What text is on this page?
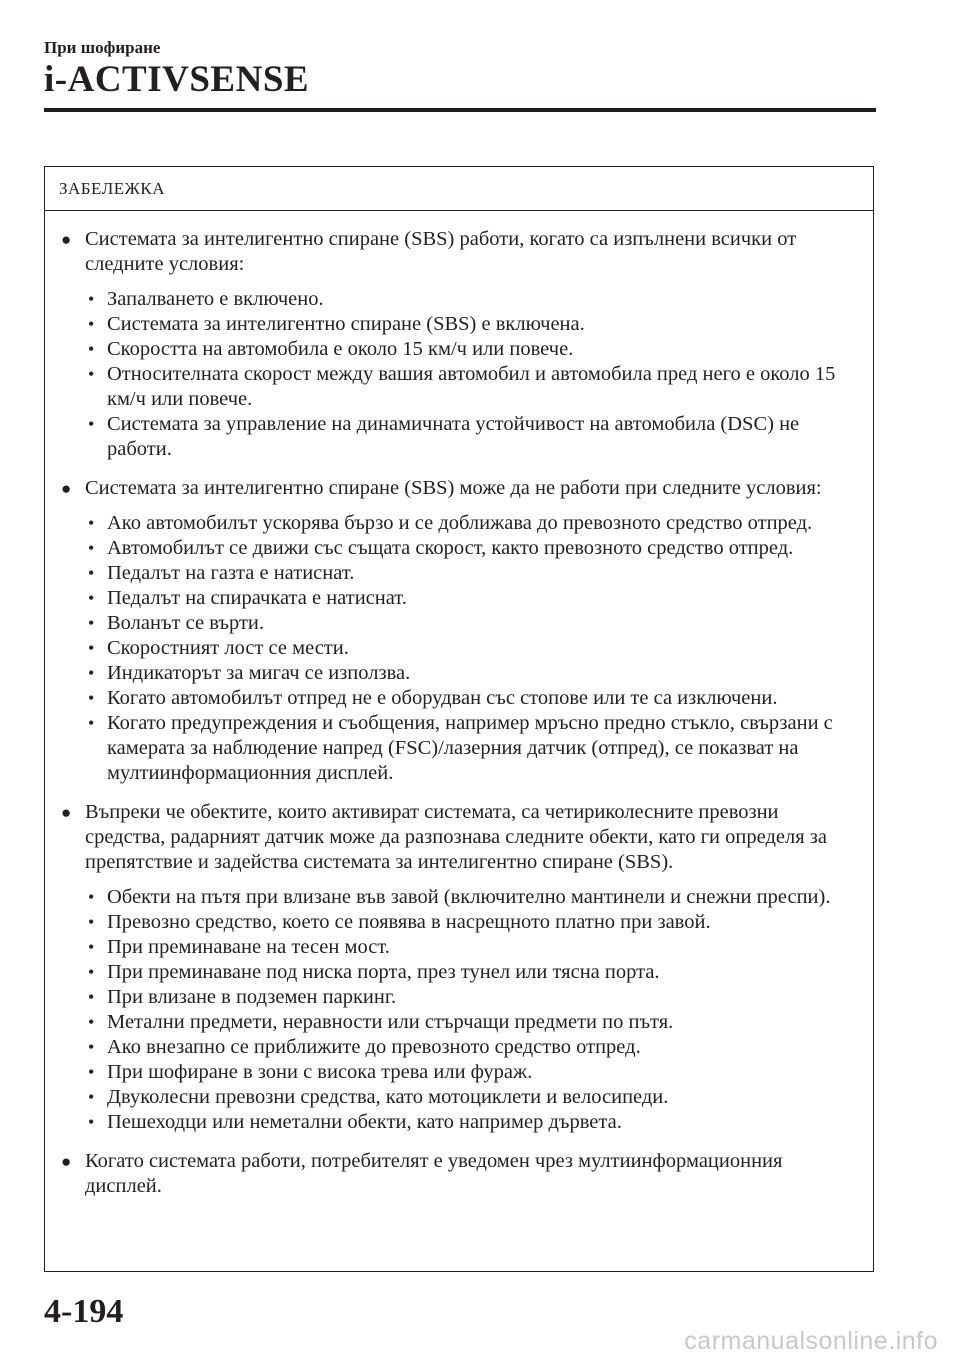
При шофиране
i-ACTIVSENSE
ЗАБЕЛЕЖКА
● Системата за интелигентно спиране (SBS) работи, когато са изпълнени всички от следните условия:
• Запалването е включено.
• Системата за интелигентно спиране (SBS) е включена.
• Скоростта на автомобила е около 15 км/ч или повече.
• Относителната скорост между вашия автомобил и автомобила пред него е около 15 км/ч или повече.
• Системата за управление на динамичната устойчивост на автомобила (DSC) не работи.
● Системата за интелигентно спиране (SBS) може да не работи при следните условия:
• Ако автомобилът ускорява бързо и се доближава до превозното средство отпред.
• Автомобилът се движи със същата скорост, както превозното средство отпред.
• Педалът на газта е натиснат.
• Педалът на спирачката е натиснат.
• Воланът се върти.
• Скоростният лост се мести.
• Индикаторът за мигач се използва.
• Когато автомобилът отпред не е оборудван със стопове или те са изключени.
• Когато предупреждения и съобщения, например мръсно предно стъкло, свързани с камерата за наблюдение напред (FSC)/лазерния датчик (отпред), се показват на мултиинформационния дисплей.
● Въпреки че обектите, които активират системата, са четириколесните превозни средства, радарният датчик може да разпознава следните обекти, като ги определя за препятствие и задейства системата за интелигентно спиране (SBS).
• Обекти на пътя при влизане във завой (включително мантинели и снежни преспи).
• Превозно средство, което се появява в насрещното платно при завой.
• При преминаване на тесен мост.
• При преминаване под ниска порта, през тунел или тясна порта.
• При влизане в подземен паркинг.
• Метални предмети, неравности или стърчащи предмети по пътя.
• Ако внезапно се приближите до превозното средство отпред.
• При шофиране в зони с висока трева или фураж.
• Двуколесни превозни средства, като мотоциклети и велосипеди.
• Пешеходци или неметални обекти, като например дървета.
● Когато системата работи, потребителят е уведомен чрез мултиинформационния дисплей.
4-194
carmanualsonline.info
